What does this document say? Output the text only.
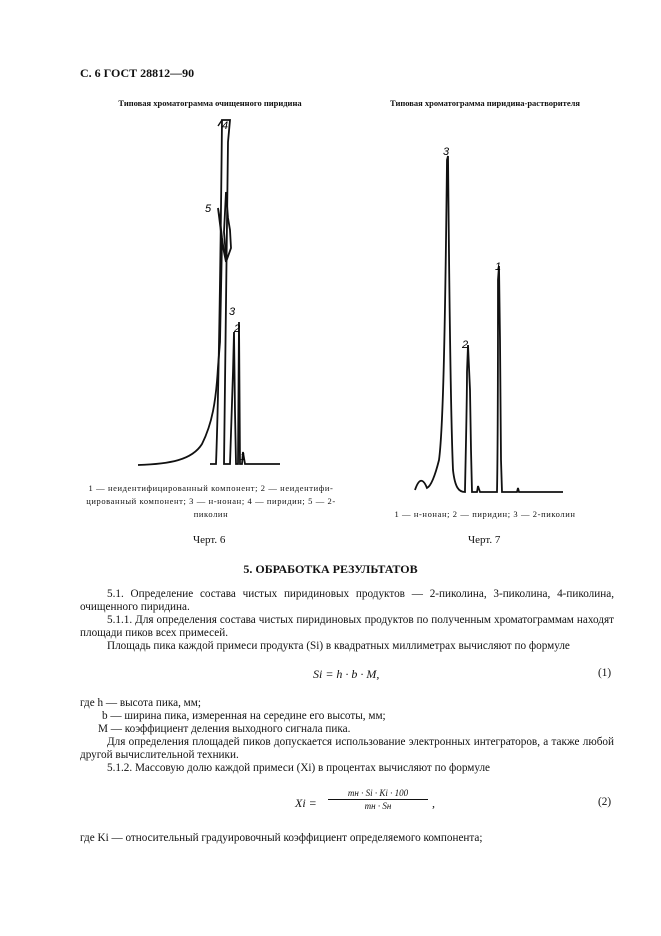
С. 6 ГОСТ 28812—90
Типовая хроматограмма очищенного пиридина
4
5
3
2
1
1 — неидентифицированный компонент; 2 — неидентифи-
цированный компонент; 3 — н-нонан; 4 — пиридин; 5 — 2-
пиколин
Черт. 6
Типовая хроматограмма пиридина-растворителя
3
2
1
1 — н-нонан; 2 — пиридин; 3 — 2-пиколин
Черт. 7
5. ОБРАБОТКА РЕЗУЛЬТАТОВ
5.1. Определение состава чистых пиридиновых продуктов — 2-пиколина, 3-пиколина, 4-пиколина, очищенного пиридина.
5.1.1. Для определения состава чистых пиридиновых продуктов по полученным хроматограммам находят площади пиков всех примесей.
Площадь пика каждой примеси продукта (Si) в квадратных миллиметрах вычисляют по формуле
Si = h · b · M,	(1)
где h — высота пика, мм;
b — ширина пика, измеренная на середине его высоты, мм;
M — коэффициент деления выходного сигнала пика.
Для определения площадей пиков допускается использование электронных интеграторов, а также любой другой вычислительной техники.
5.1.2. Массовую долю каждой примеси (Xi) в процентах вычисляют по формуле
Xi =
mн · Si · Ki · 100
mн · Sн	,	(2)
где Ki — относительный градуировочный коэффициент определяемого компонента;
